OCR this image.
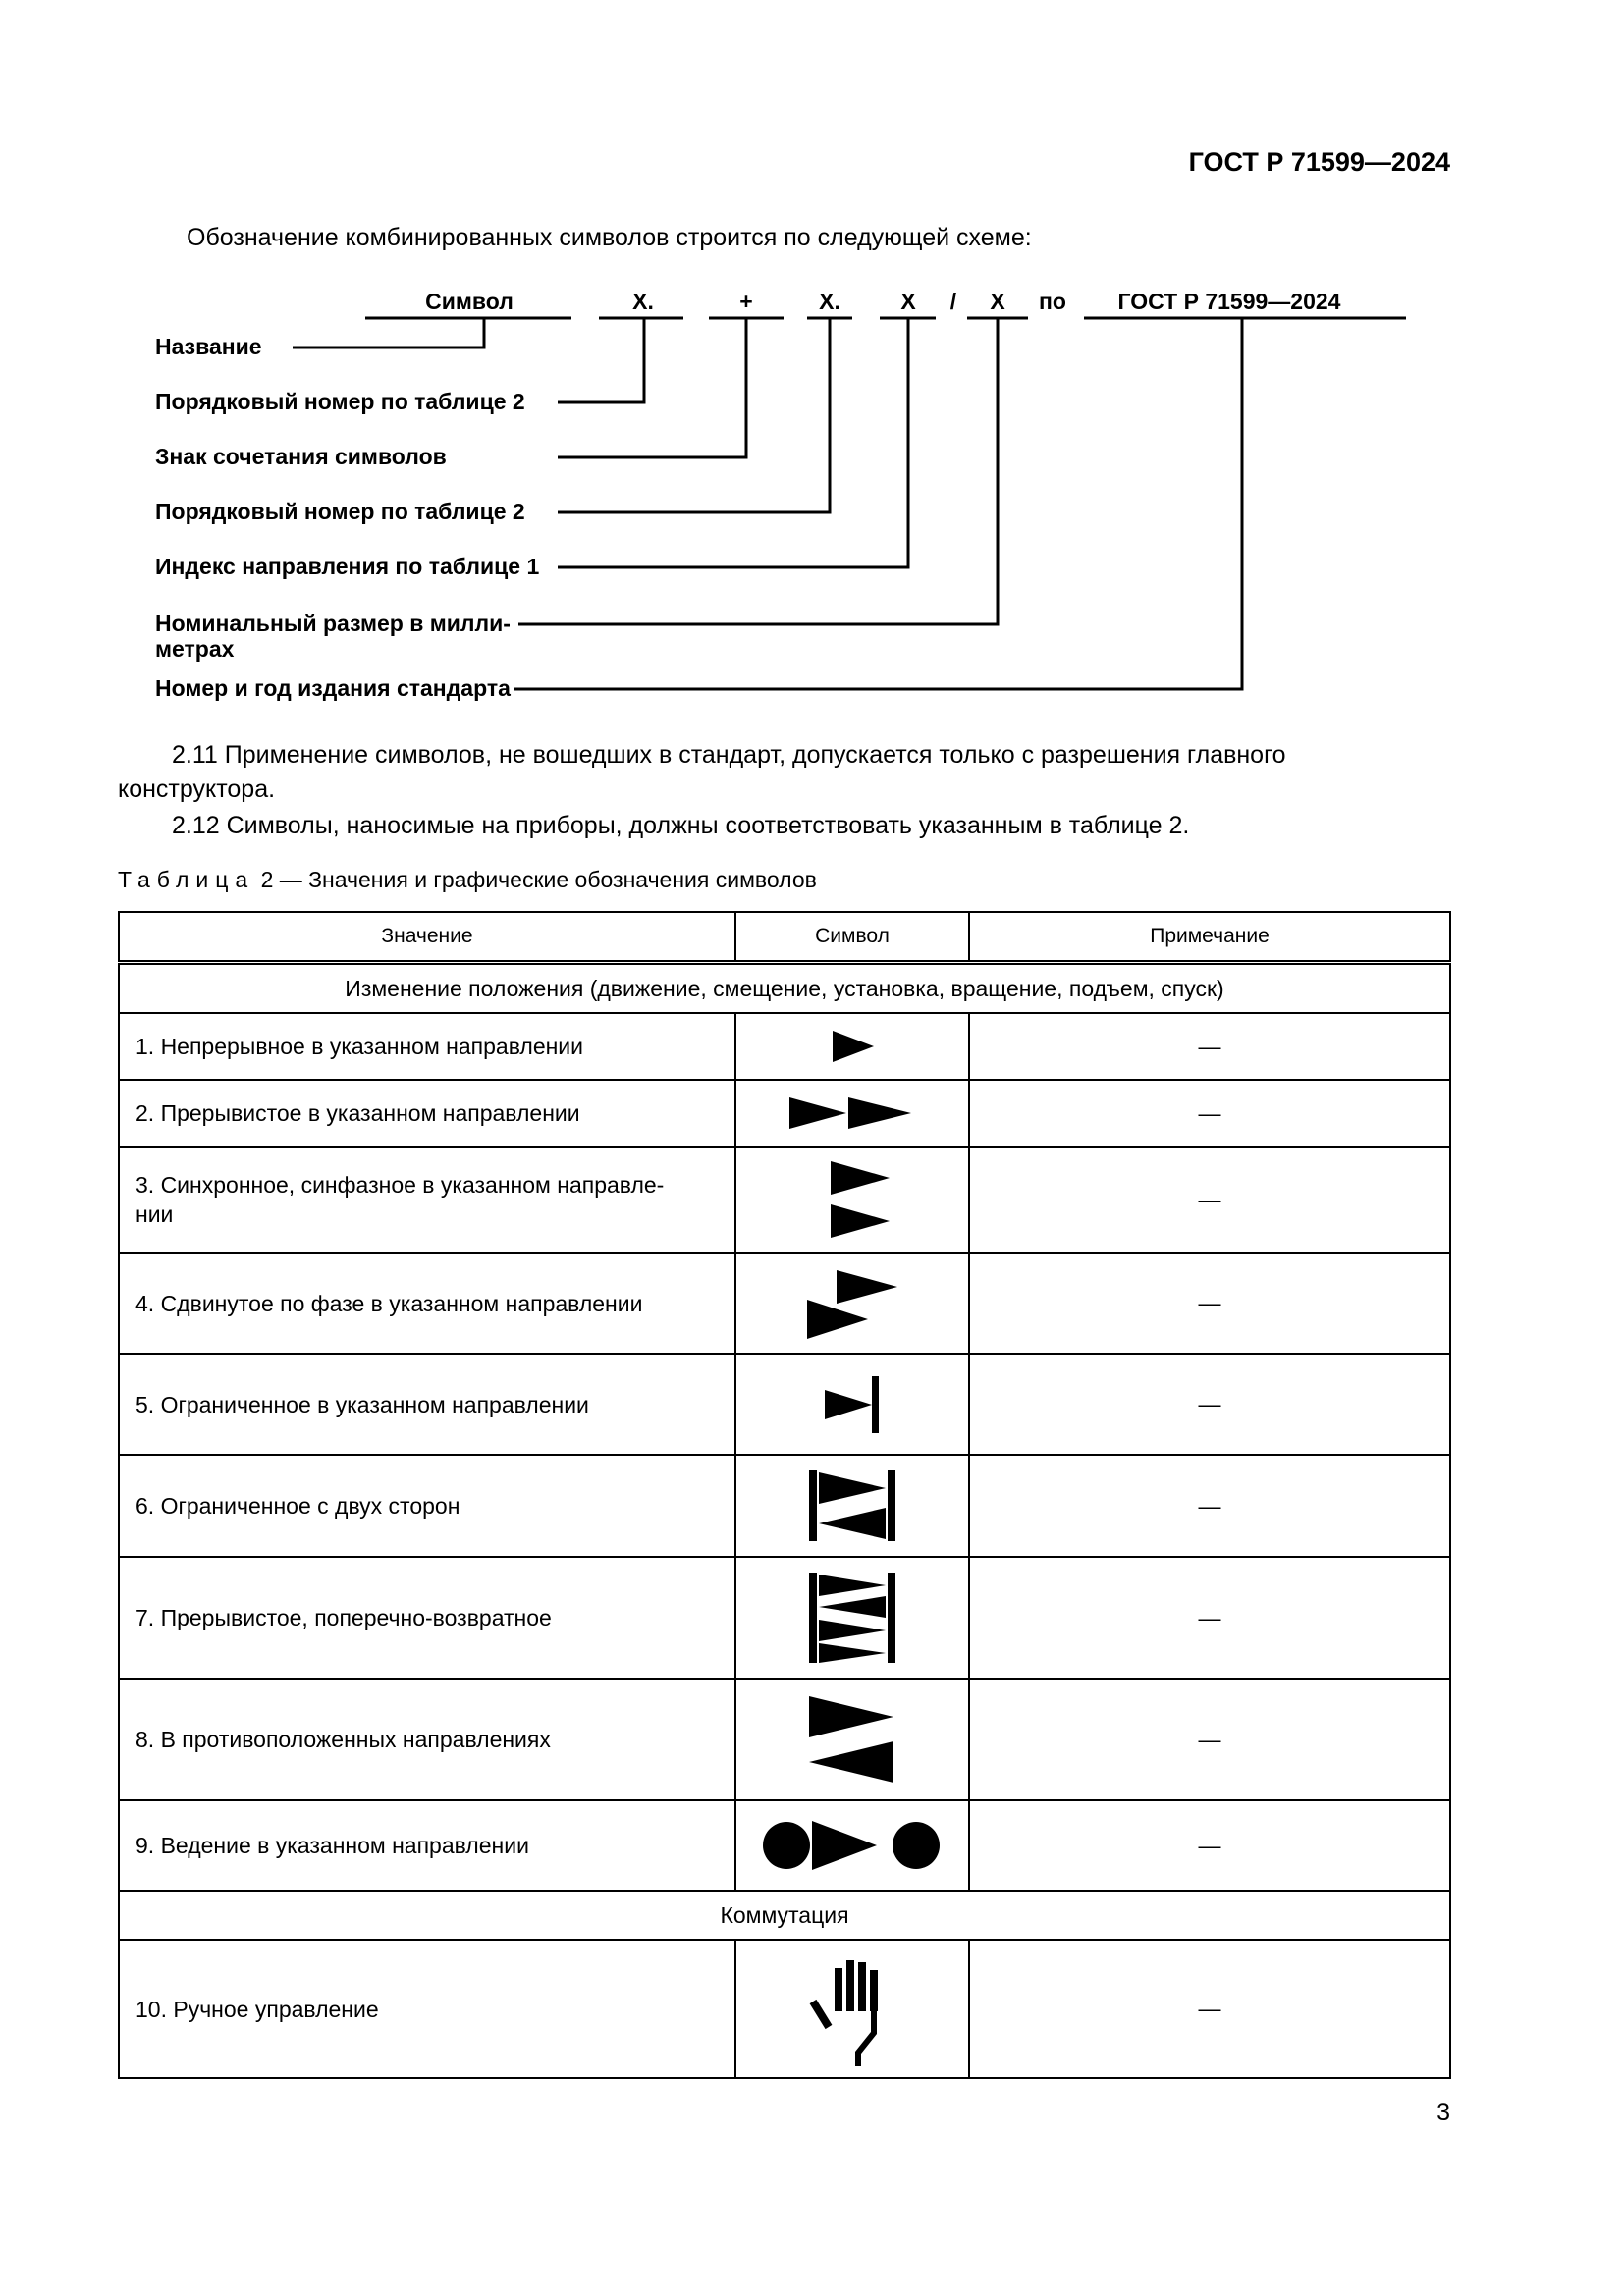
ГОСТ Р 71599—2024

Обозначение комбинированных символов строится по следующей схеме:

Символ	Х.	+	Х.	Х / Х по ГОСТ Р 71599—2024
Название
Порядковый номер по таблице 2
Знак сочетания символов
Порядковый номер по таблице 2
Индекс направления по таблице 1
Номинальный размер в милли-
метрах
Номер и год издания стандарта

2.11 Применение символов, не вошедших в стандарт, допускается только с разрешения главного

конструктора.

2.12 Символы, наносимые на приборы, должны соответствовать указанным в таблице 2.

Таблица 2 — Значения и графические обозначения символов

Значение	Символ	Примечание
Изменение положения (движение, смещение, установка, вращение, подъем, спуск)		
1. Непрерывное в указанном направлении		—
2. Прерывистое в указанном направлении		—
3. Синхронное, синфазное в указанном направле-
нии		—
4. Сдвинутое по фазе в указанном направлении		—
5. Ограниченное в указанном направлении		—
6. Ограниченное с двух сторон		—
7. Прерывистое, поперечно-возвратное		—
8. В противоположенных направлениях		—
9. Ведение в указанном направлении		—
Коммутация		
10. Ручное управление		—
3
